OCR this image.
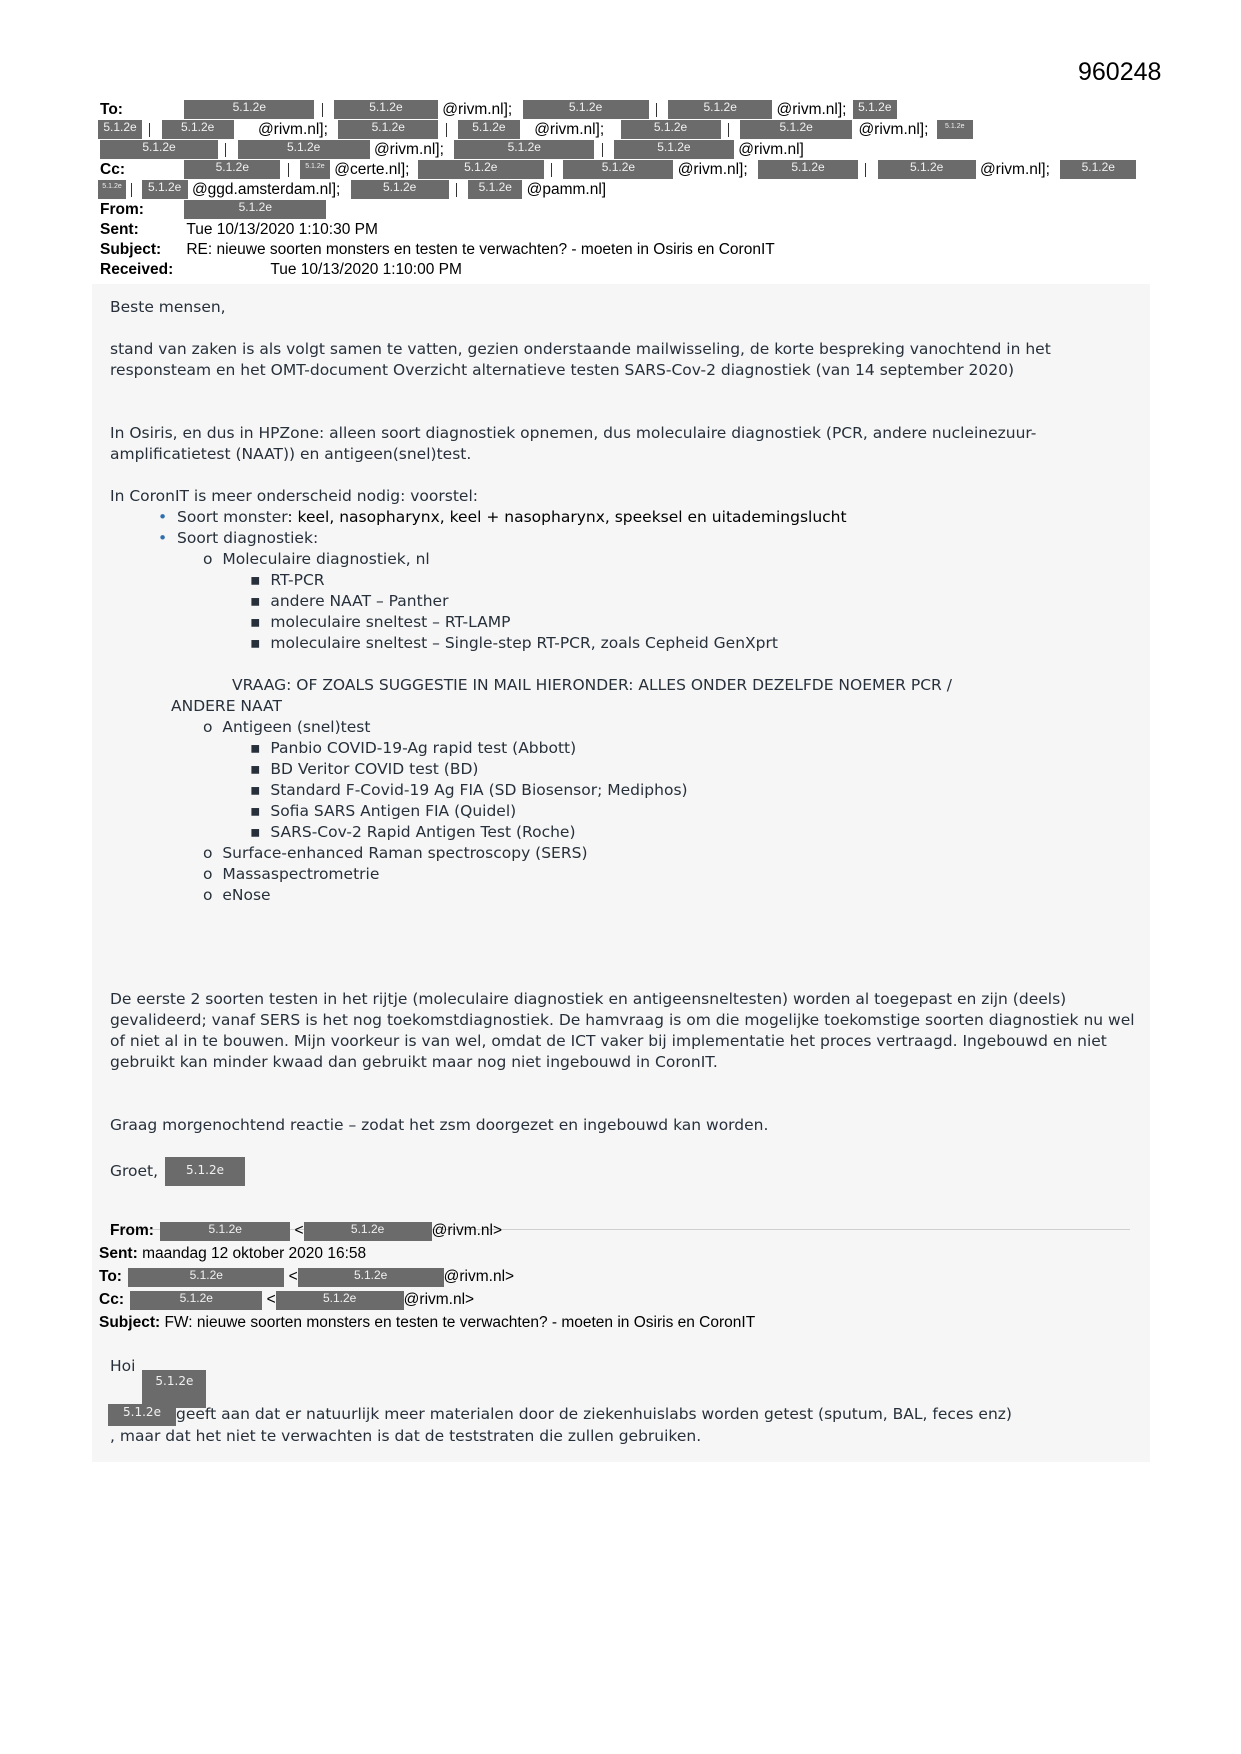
960248
To:	5.1.2e	5.1.2e	@rivm.nl];	5.1.2e	5.1.2e	@rivm.nl]; 5.1.2e
5.1.2e	5.1.2e	@rivm.nl];	5.1.2e	5.1.2e @rivm.nl];	5.1.2e	5.1.2e	@rivm.nl]; 5.1.2e
5.1.2e	5.1.2e	@rivm.nl];	5.1.2e	5.1.2e	@rivm.nl]
Cc:	5.1.2e	5.1.2e @certe.nl];	5.1.2e	5.1.2e	@rivm.nl];	5.1.2e	5.1.2e @rivm.nl];	5.1.2e
5.1.2e 5.1.2e @ggd.amsterdam.nl];	5.1.2e	5.1.2e @pamm.nl]
From:	5.1.2e
Sent:	Tue 10/13/2020 1:10:30 PM
Subject: RE: nieuwe soorten monsters en testen te verwachten? - moeten in Osiris en CoronIT
Received:	Tue 10/13/2020 1:10:00 PM
Beste mensen,
stand van zaken is als volgt samen te vatten, gezien onderstaande mailwisseling, de korte bespreking vanochtend in het responsteam en het OMT-document Overzicht alternatieve testen SARS-Cov-2 diagnostiek (van 14 september 2020)
In Osiris, en dus in HPZone: alleen soort diagnostiek opnemen, dus moleculaire diagnostiek (PCR, andere nucleinezuur-amplificatietest (NAAT)) en antigeen(snel)test.
In CoronIT is meer onderscheid nodig: voorstel:
•  Soort monster: keel, nasopharynx, keel + nasopharynx, speeksel en uitademingslucht
•  Soort diagnostiek:
o  Moleculaire diagnostiek, nl
▪  RT-PCR
▪  andere NAAT – Panther
▪  moleculaire sneltest – RT-LAMP
▪  moleculaire sneltest – Single-step RT-PCR, zoals Cepheid GenXprt
VRAAG: OF ZOALS SUGGESTIE IN MAIL HIERONDER: ALLES ONDER DEZELFDE NOEMER PCR /
ANDERE NAAT
o  Antigeen (snel)test
▪  Panbio COVID-19-Ag rapid test (Abbott)
▪  BD Veritor COVID test (BD)
▪  Standard F-Covid-19 Ag FIA (SD Biosensor; Mediphos)
▪  Sofia SARS Antigen FIA (Quidel)
▪  SARS-Cov-2 Rapid Antigen Test (Roche)
o  Surface-enhanced Raman spectroscopy (SERS)
o  Massaspectrometrie
o  eNose
De eerste 2 soorten testen in het rijtje (moleculaire diagnostiek en antigeensneltesten) worden al toegepast en zijn (deels) gevalideerd; vanaf SERS is het nog toekomstdiagnostiek. De hamvraag is om die mogelijke toekomstige soorten diagnostiek nu wel of niet al in te bouwen. Mijn voorkeur is van wel, omdat de ICT vaker bij implementatie het proces vertraagd. Ingebouwd en niet gebruikt kan minder kwaad dan gebruikt maar nog niet ingebouwd in CoronIT.
Graag morgenochtend reactie – zodat het zsm doorgezet en ingebouwd kan worden.
Groet, 5.1.2e
From:	5.1.2e	<	5.1.2e	@rivm.nl>
Sent: maandag 12 oktober 2020 16:58
To:	5.1.2e	<	5.1.2e	@rivm.nl>
Cc:	5.1.2e	<	5.1.2e	@rivm.nl>
Subject: FW: nieuwe soorten monsters en testen te verwachten? - moeten in Osiris en CoronIT
Hoi 5.1.2e
5.1.2e geeft aan dat er natuurlijk meer materialen door de ziekenhuislabs worden getest (sputum, BAL, feces enz)
, maar dat het niet te verwachten is dat de teststraten die zullen gebruiken.
